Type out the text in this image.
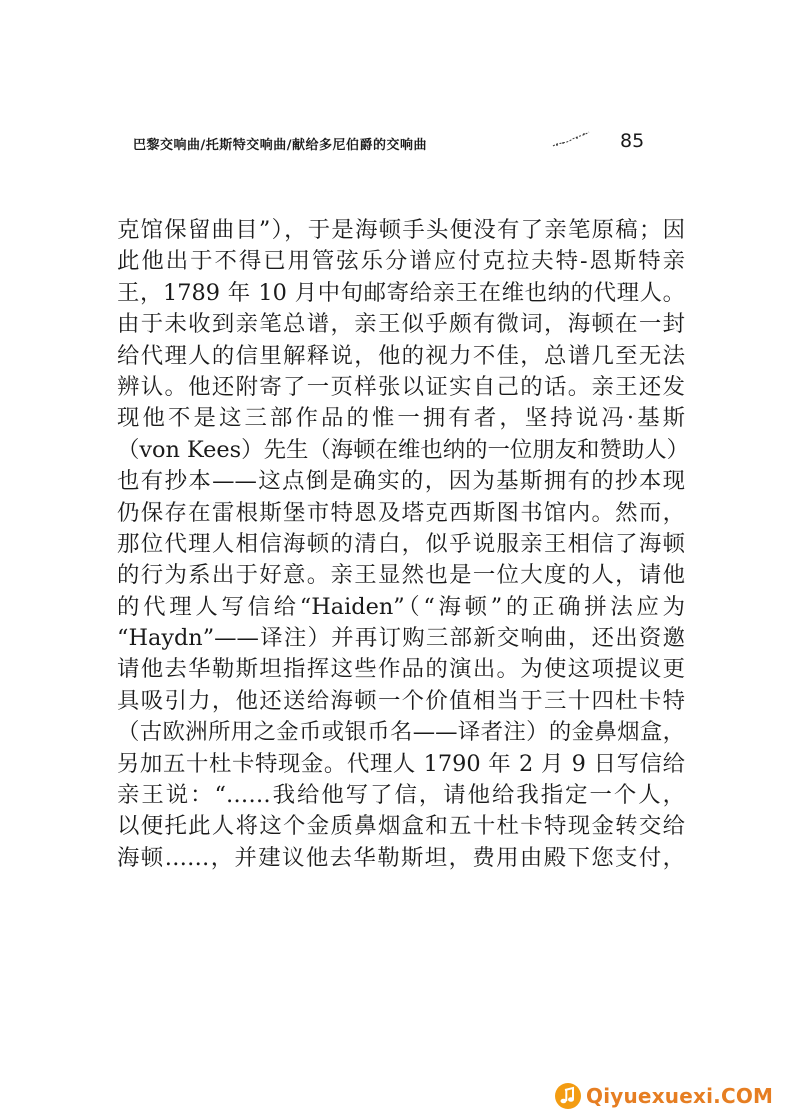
巴黎交响曲/托斯特交响曲/献给多尼伯爵的交响曲	85
克馆保留曲目”），于是海顿手头便没有了亲笔原稿；因
此他出于不得已用管弦乐分谱应付克拉夫特-恩斯特亲
王，1789 年 10 月中旬邮寄给亲王在维也纳的代理人。
由于未收到亲笔总谱，亲王似乎颇有微词，海顿在一封
给代理人的信里解释说，他的视力不佳，总谱几至无法
辨认。他还附寄了一页样张以证实自己的话。亲王还发
现他不是这三部作品的惟一拥有者，坚持说冯·基斯
（von Kees）先生（海顿在维也纳的一位朋友和赞助人）
也有抄本——这点倒是确实的，因为基斯拥有的抄本现
仍保存在雷根斯堡市特恩及塔克西斯图书馆内。然而，
那位代理人相信海顿的清白，似乎说服亲王相信了海顿
的行为系出于好意。亲王显然也是一位大度的人，请他
的代理人写信给“Haiden”（“海顿”的正确拼法应为
“Haydn”——译注）并再订购三部新交响曲，还出资邀
请他去华勒斯坦指挥这些作品的演出。为使这项提议更
具吸引力，他还送给海顿一个价值相当于三十四杜卡特
（古欧洲所用之金币或银币名——译者注）的金鼻烟盒，
另加五十杜卡特现金。代理人 1790 年 2 月 9 日写信给
亲王说：“……我给他写了信，请他给我指定一个人，
以便托此人将这个金质鼻烟盒和五十杜卡特现金转交给
海顿……，并建议他去华勒斯坦，费用由殿下您支付，
Qiyuexuexi.COM
